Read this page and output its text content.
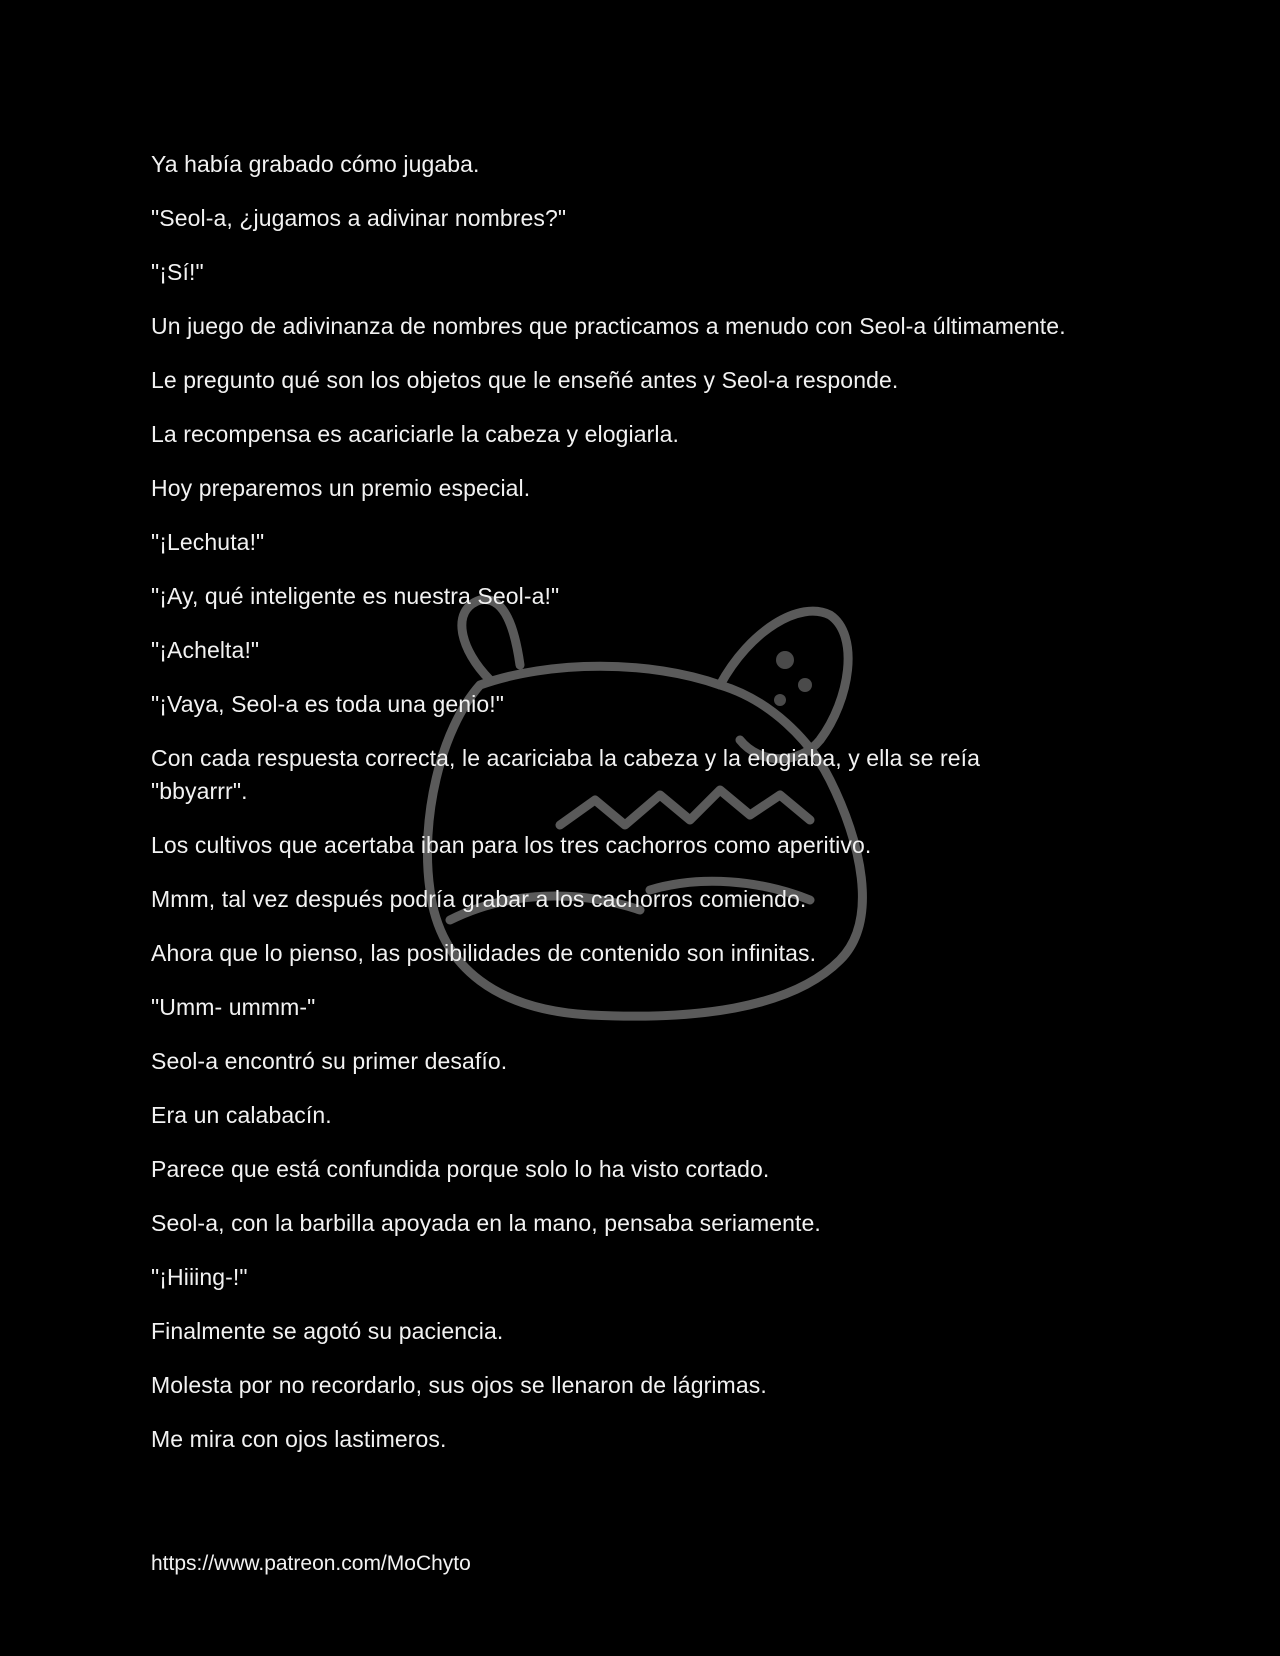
Ya había grabado cómo jugaba.

"Seol-a, ¿jugamos a adivinar nombres?"

"¡Sí!"

Un juego de adivinanza de nombres que practicamos a menudo con Seol-a últimamente.

Le pregunto qué son los objetos que le enseñé antes y Seol-a responde.

La recompensa es acariciarle la cabeza y elogiarla.

Hoy preparemos un premio especial.

"¡Lechuta!"

"¡Ay, qué inteligente es nuestra Seol-a!"

"¡Achelta!"

"¡Vaya, Seol-a es toda una genio!"

Con cada respuesta correcta, le acariciaba la cabeza y la elogiaba, y ella se reía "bbyarrr".

Los cultivos que acertaba iban para los tres cachorros como aperitivo.

Mmm, tal vez después podría grabar a los cachorros comiendo.

Ahora que lo pienso, las posibilidades de contenido son infinitas.

"Umm- ummm-"

Seol-a encontró su primer desafío.

Era un calabacín.

Parece que está confundida porque solo lo ha visto cortado.

Seol-a, con la barbilla apoyada en la mano, pensaba seriamente.

"¡Hiiing-!"

Finalmente se agotó su paciencia.

Molesta por no recordarlo, sus ojos se llenaron de lágrimas.

Me mira con ojos lastimeros.

https://www.patreon.com/MoChyto
